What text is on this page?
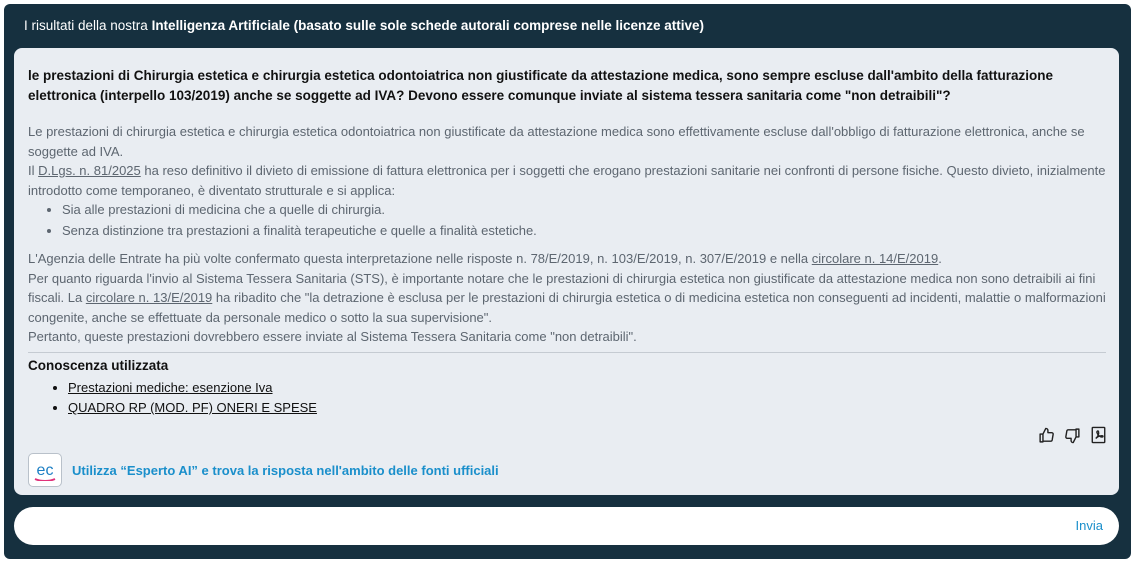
I risultati della nostra Intelligenza Artificiale (basato sulle sole schede autorali comprese nelle licenze attive)
le prestazioni di Chirurgia estetica e chirurgia estetica odontoiatrica non giustificate da attestazione medica, sono sempre escluse dall'ambito della fatturazione elettronica (interpello 103/2019) anche se soggette ad IVA? Devono essere comunque inviate al sistema tessera sanitaria come "non detraibili"?

Le prestazioni di chirurgia estetica e chirurgia estetica odontoiatrica non giustificate da attestazione medica sono effettivamente escluse dall'obbligo di fatturazione elettronica, anche se soggette ad IVA.

Il D.Lgs. n. 81/2025 ha reso definitivo il divieto di emissione di fattura elettronica per i soggetti che erogano prestazioni sanitarie nei confronti di persone fisiche. Questo divieto, inizialmente introdotto come temporaneo, è diventato strutturale e si applica:

• Sia alle prestazioni di medicina che a quelle di chirurgia.
• Senza distinzione tra prestazioni a finalità terapeutiche e quelle a finalità estetiche.

L'Agenzia delle Entrate ha più volte confermato questa interpretazione nelle risposte n. 78/E/2019, n. 103/E/2019, n. 307/E/2019 e nella circolare n. 14/E/2019.

Per quanto riguarda l'invio al Sistema Tessera Sanitaria (STS), è importante notare che le prestazioni di chirurgia estetica non giustificate da attestazione medica non sono detraibili ai fini fiscali. La circolare n. 13/E/2019 ha ribadito che "la detrazione è esclusa per le prestazioni di chirurgia estetica o di medicina estetica non conseguenti ad incidenti, malattie o malformazioni congenite, anche se effettuate da personale medico o sotto la sua supervisione".

Pertanto, queste prestazioni dovrebbero essere inviate al Sistema Tessera Sanitaria come "non detraibili".

Conoscenza utilizzata
• Prestazioni mediche: esenzione Iva
• QUADRO RP (MOD. PF) ONERI E SPESE
ec Utilizza “Esperto AI” e trova la risposta nell'ambito delle fonti ufficiali
Invia
